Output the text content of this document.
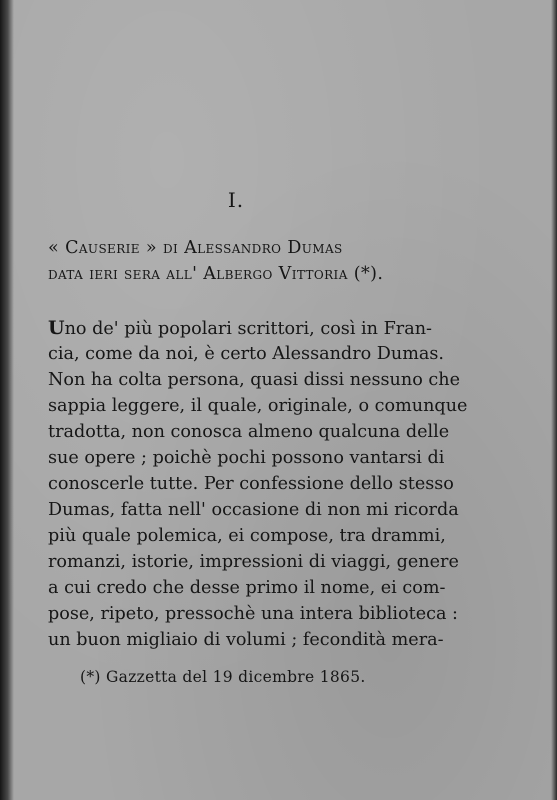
I.
« Causerie » di Alessandro Dumas
data ieri sera all' Albergo Vittoria (*).
Uno de' più popolari scrittori, così in Fran-
cia, come da noi, è certo Alessandro Dumas.
Non ha colta persona, quasi dissi nessuno che
sappia leggere, il quale, originale, o comunque
tradotta, non conosca almeno qualcuna delle
sue opere ; poichè pochi possono vantarsi di
conoscerle tutte. Per confessione dello stesso
Dumas, fatta nell' occasione di non mi ricorda
più quale polemica, ei compose, tra drammi,
romanzi, istorie, impressioni di viaggi, genere
a cui credo che desse primo il nome, ei com-
pose, ripeto, pressochè una intera biblioteca :
un buon migliaio di volumi ; fecondità mera-
(*) Gazzetta del 19 dicembre 1865.
